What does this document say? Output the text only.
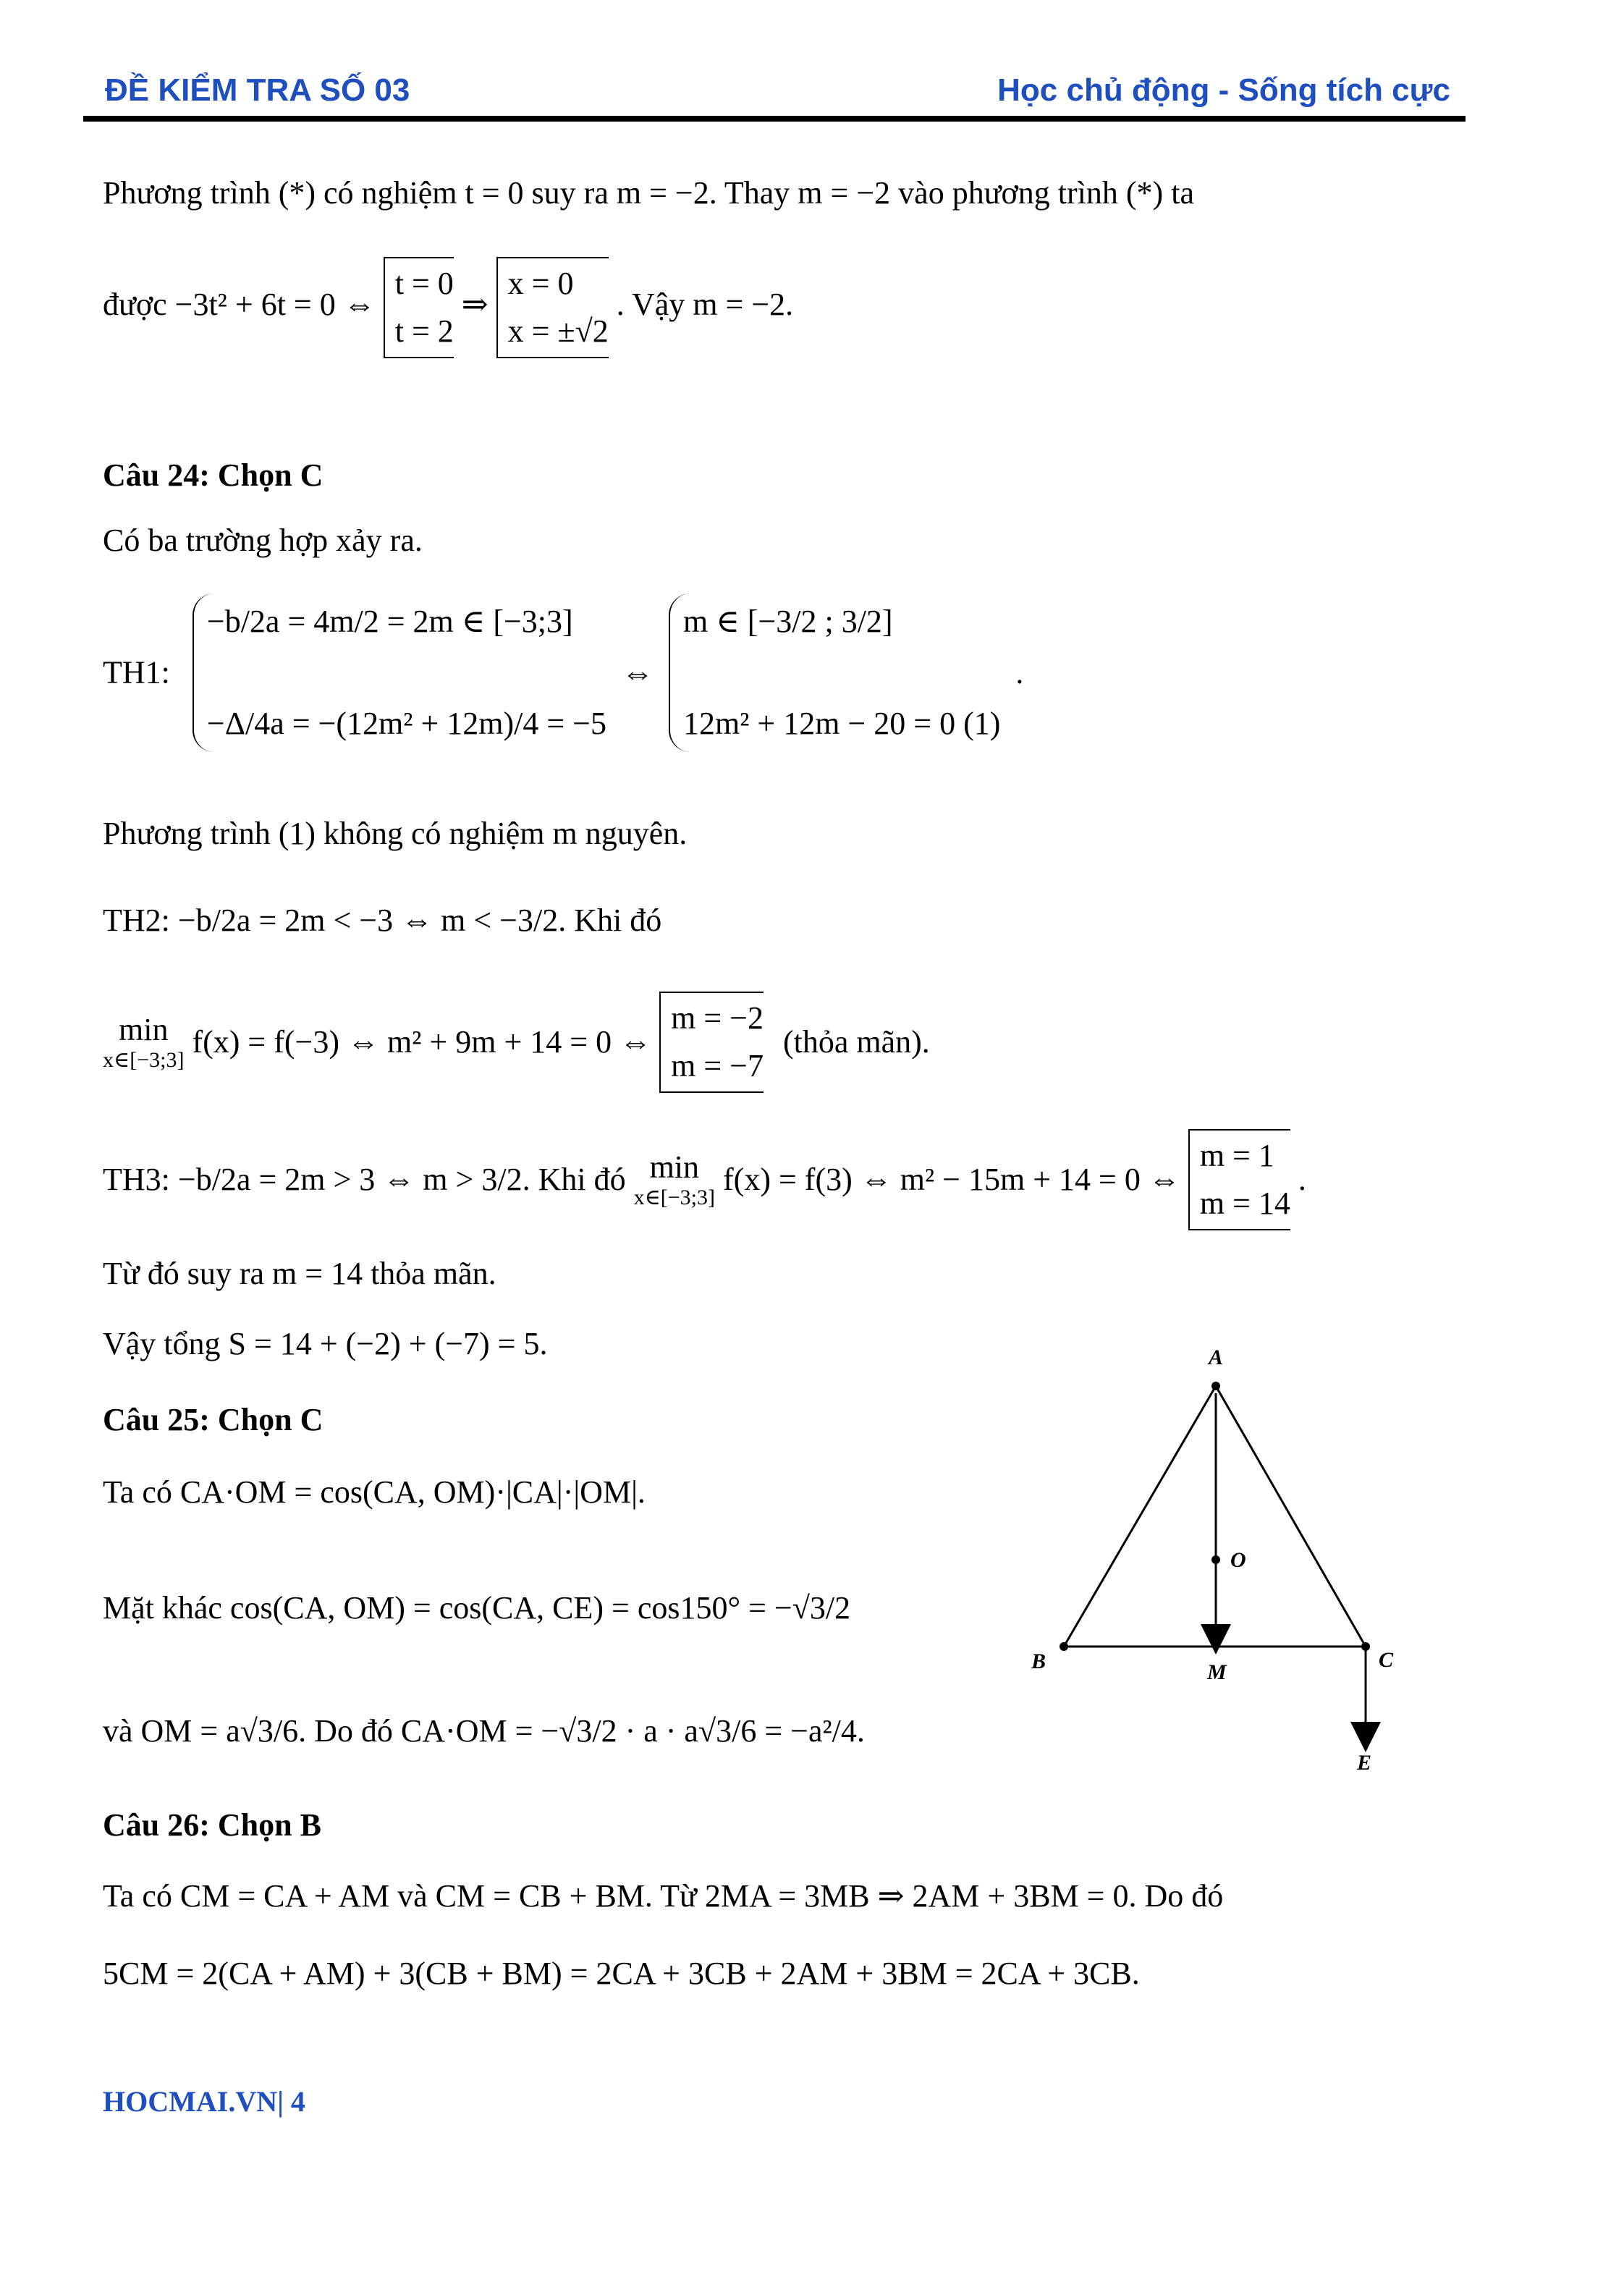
ĐỀ KIỂM TRA SỐ 03	Học chủ động - Sống tích cực
Phương trình (*) có nghiệm t = 0 suy ra m = −2. Thay m = −2 vào phương trình (*) ta
được −3t² + 6t = 0 ⇔ t = 0
t = 2 ⇒ x = 0
x = ±√2 . Vậy m = −2.
Câu 24: Chọn C
Có ba trường hợp xảy ra.
TH1: −b/2a = 4m/2 = 2m ∈ [−3;3]

−Δ/4a = −(12m² + 12m)/4 = −5 ⇔ m ∈ [−3/2 ; 3/2]

12m² + 12m − 20 = 0 (1) .
Phương trình (1) không có nghiệm m nguyên.
TH2: −b/2a = 2m < −3 ⇔ m < −3/2. Khi đó
min
x∈[−3;3]
f(x) = f(−3) ⇔ m² + 9m + 14 = 0 ⇔ m = −2
m = −7 (thỏa mãn).
TH3: −b/2a = 2m > 3 ⇔ m > 3/2. Khi đó min
x∈[−3;3]
f(x) = f(3) ⇔ m² − 15m + 14 = 0 ⇔ m = 1
m = 14 .
Từ đó suy ra m = 14 thỏa mãn.
Vậy tổng S = 14 + (−2) + (−7) = 5.
Câu 25: Chọn C
Ta có CA·OM = cos(CA, OM)·|CA|·|OM|.
Mặt khác cos(CA, OM) = cos(CA, CE) = cos150° = −√3/2
và OM = a√3/6. Do đó CA·OM = −√3/2 · a · a√3/6 = −a²/4.
Câu 26: Chọn B
Ta có CM = CA + AM và CM = CB + BM. Từ 2MA = 3MB ⇒ 2AM + 3BM = 0. Do đó
5CM = 2(CA + AM) + 3(CB + BM) = 2CA + 3CB + 2AM + 3BM = 2CA + 3CB.
A
O
B	C
M
E
HOCMAI.VN| 4
